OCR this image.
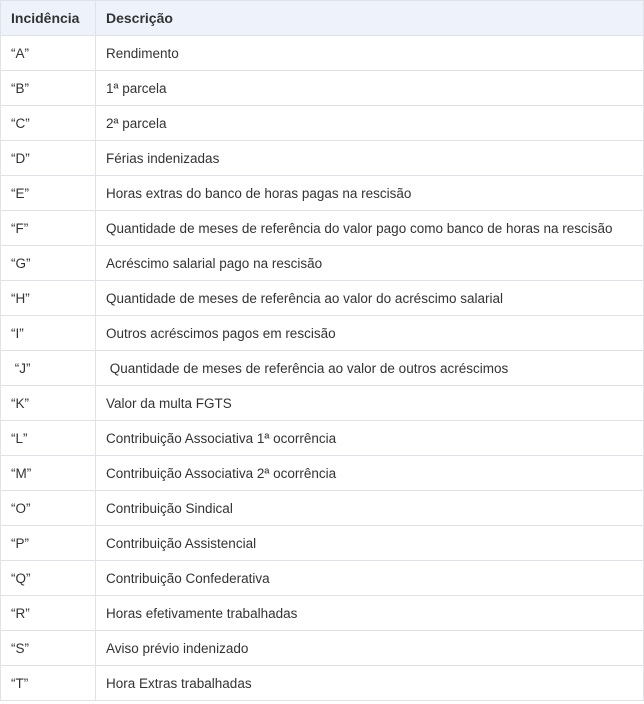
Incidência	Descrição
“A”	Rendimento
“B”	1ª parcela
“C”	2ª parcela
“D”	Férias indenizadas
“E”	Horas extras do banco de horas pagas na rescisão
“F”	Quantidade de meses de referência do valor pago como banco de horas na rescisão
“G”	Acréscimo salarial pago na rescisão
“H”	Quantidade de meses de referência ao valor do acréscimo salarial
“I”	Outros acréscimos pagos em rescisão
“J”	Quantidade de meses de referência ao valor de outros acréscimos
“K”	Valor da multa FGTS
“L”	Contribuição Associativa 1ª ocorrência
“M”	Contribuição Associativa 2ª ocorrência
“O”	Contribuição Sindical
“P”	Contribuição Assistencial
“Q”	Contribuição Confederativa
“R”	Horas efetivamente trabalhadas
“S”	Aviso prévio indenizado
“T”	Hora Extras trabalhadas
